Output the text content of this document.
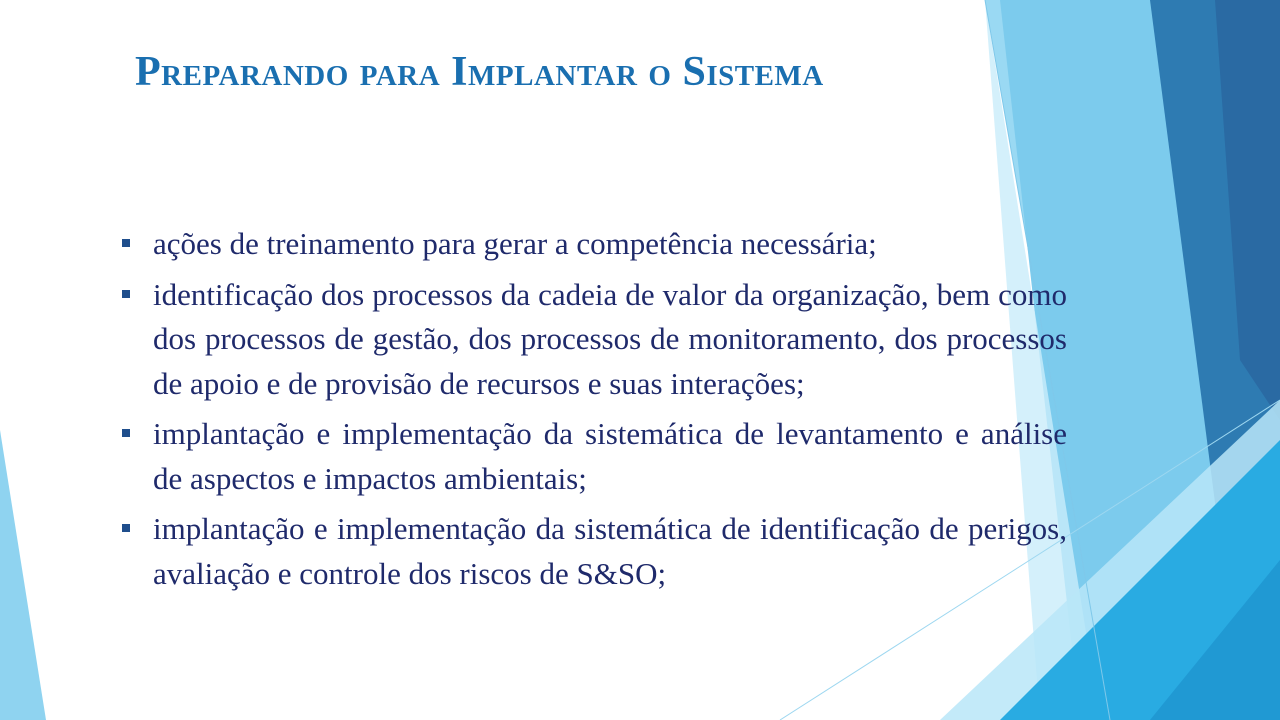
Preparando para Implantar o Sistema
ações de treinamento para gerar a competência necessária;
identificação dos processos da cadeia de valor da organização, bem como dos processos de gestão, dos processos de monitoramento, dos processos de apoio e de provisão de recursos e suas interações;
implantação e implementação da sistemática de levantamento e análise de aspectos e impactos ambientais;
implantação e implementação da sistemática de identificação de perigos, avaliação e controle dos riscos de S&SO;
